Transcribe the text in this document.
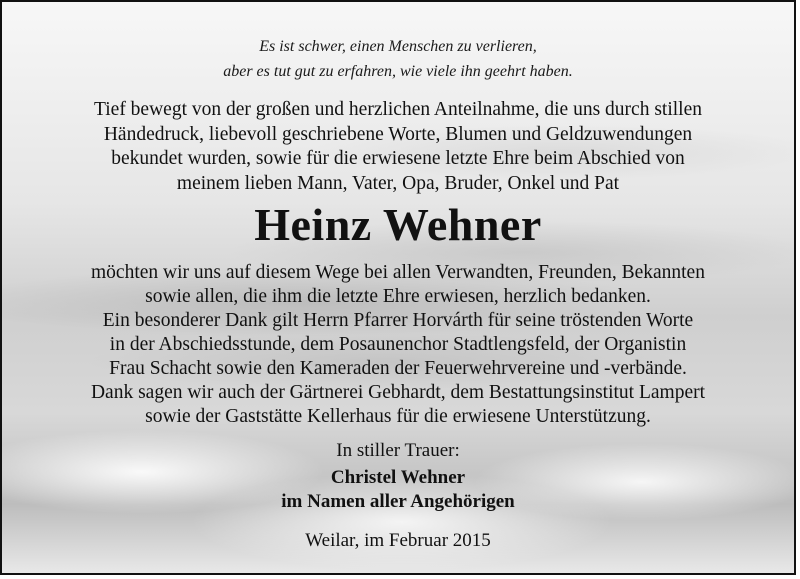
Es ist schwer, einen Menschen zu verlieren,
aber es tut gut zu erfahren, wie viele ihn geehrt haben.
Tief bewegt von der großen und herzlichen Anteilnahme, die uns durch stillen
Händedruck, liebevoll geschriebene Worte, Blumen und Geldzuwendungen
bekundet wurden, sowie für die erwiesene letzte Ehre beim Abschied von
meinem lieben Mann, Vater, Opa, Bruder, Onkel und Pat
Heinz Wehner
möchten wir uns auf diesem Wege bei allen Verwandten, Freunden, Bekannten
sowie allen, die ihm die letzte Ehre erwiesen, herzlich bedanken.
Ein besonderer Dank gilt Herrn Pfarrer Horvárth für seine tröstenden Worte
in der Abschiedsstunde, dem Posaunenchor Stadtlengsfeld, der Organistin
Frau Schacht sowie den Kameraden der Feuerwehrvereine und -verbände.
Dank sagen wir auch der Gärtnerei Gebhardt, dem Bestattungsinstitut Lampert
sowie der Gaststätte Kellerhaus für die erwiesene Unterstützung.
In stiller Trauer:
Christel Wehner
im Namen aller Angehörigen
Weilar, im Februar 2015
